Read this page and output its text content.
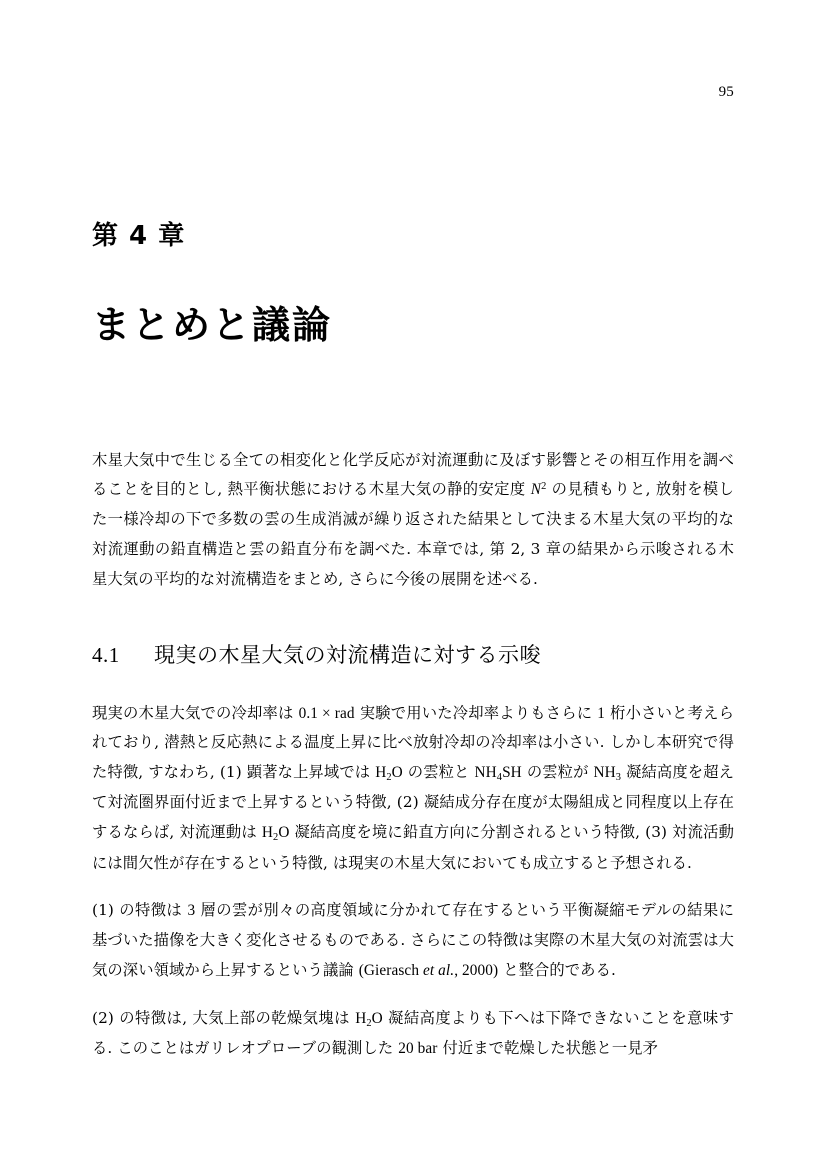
95
第 4 章
まとめと議論

木星大気中で生じる全ての相変化と化学反応が対流運動に及ぼす影響とその相互作用を調べることを目的とし, 熱平衡状態における木星大気の静的安定度 $N^2$ の見積もりと, 放射を模した一様冷却の下で多数の雲の生成消滅が繰り返された結果として決まる木星大気の平均的な対流運動の鉛直構造と雲の鉛直分布を調べた. 本章では, 第 2, 3 章の結果から示唆される木星大気の平均的な対流構造をまとめ, さらに今後の展開を述べる.

4.1 現実の木星大気の対流構造に対する示唆

現実の木星大気での冷却率は 0.1 × rad 実験で用いた冷却率よりもさらに 1 桁小さいと考えられており, 潜熱と反応熱による温度上昇に比べ放射冷却の冷却率は小さい. しかし本研究で得た特徴, すなわち, (1) 顕著な上昇域では $H_2O$ の雲粒と $NH_4SH$ の雲粒が $NH_3$ 凝結高度を超えて対流圏界面付近まで上昇するという特徴, (2) 凝結成分存在度が太陽組成と同程度以上存在するならば, 対流運動は $H_2O$ 凝結高度を境に鉛直方向に分割されるという特徴, (3) 対流活動には間欠性が存在するという特徴, は現実の木星大気においても成立すると予想される.

(1) の特徴は 3 層の雲が別々の高度領域に分かれて存在するという平衡凝縮モデルの結果に基づいた描像を大きく変化させるものである. さらにこの特徴は実際の木星大気の対流雲は大気の深い領域から上昇するという議論 (Gierasch et al., 2000) と整合的である.

(2) の特徴は, 大気上部の乾燥気塊は $H_2O$ 凝結高度よりも下へは下降できないことを意味する. このことはガリレオプローブの観測した 20 bar 付近まで乾燥した状態と一見矛
